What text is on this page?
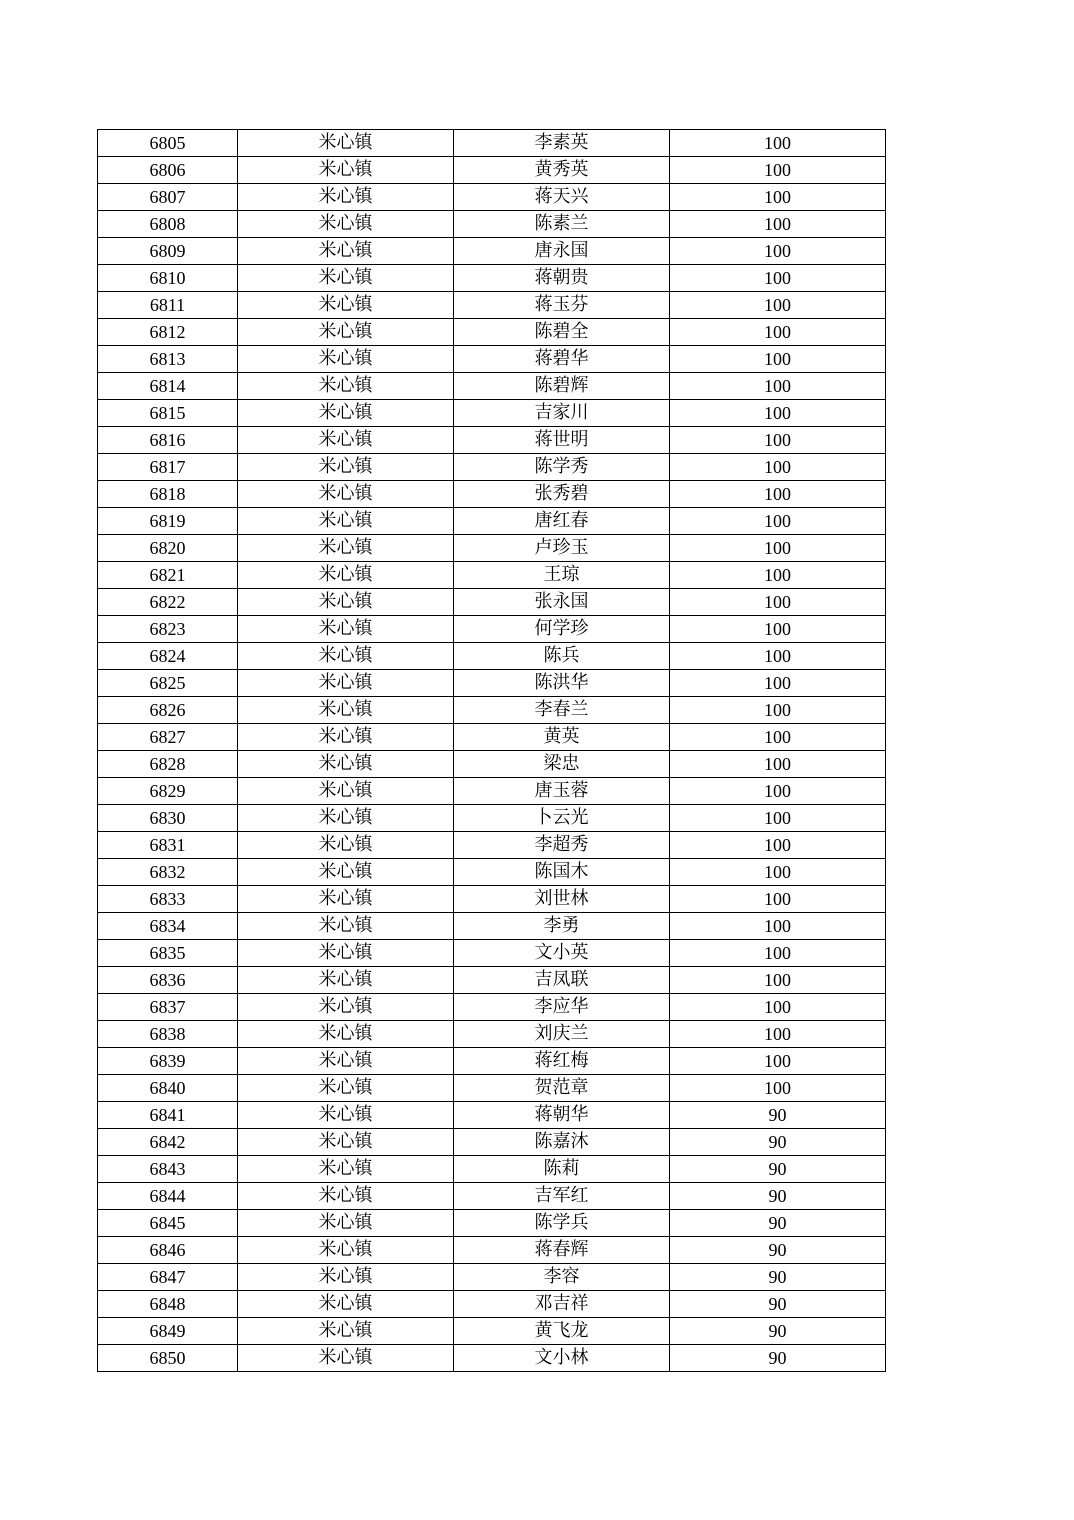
6805	米心镇	李素英	100
6806	米心镇	黄秀英	100
6807	米心镇	蒋天兴	100
6808	米心镇	陈素兰	100
6809	米心镇	唐永国	100
6810	米心镇	蒋朝贵	100
6811	米心镇	蒋玉芬	100
6812	米心镇	陈碧全	100
6813	米心镇	蒋碧华	100
6814	米心镇	陈碧辉	100
6815	米心镇	吉家川	100
6816	米心镇	蒋世明	100
6817	米心镇	陈学秀	100
6818	米心镇	张秀碧	100
6819	米心镇	唐红春	100
6820	米心镇	卢珍玉	100
6821	米心镇	王琼	100
6822	米心镇	张永国	100
6823	米心镇	何学珍	100
6824	米心镇	陈兵	100
6825	米心镇	陈洪华	100
6826	米心镇	李春兰	100
6827	米心镇	黄英	100
6828	米心镇	梁忠	100
6829	米心镇	唐玉蓉	100
6830	米心镇	卜云光	100
6831	米心镇	李超秀	100
6832	米心镇	陈国木	100
6833	米心镇	刘世林	100
6834	米心镇	李勇	100
6835	米心镇	文小英	100
6836	米心镇	吉凤联	100
6837	米心镇	李应华	100
6838	米心镇	刘庆兰	100
6839	米心镇	蒋红梅	100
6840	米心镇	贺范章	100
6841	米心镇	蒋朝华	90
6842	米心镇	陈嘉沐	90
6843	米心镇	陈莉	90
6844	米心镇	吉军红	90
6845	米心镇	陈学兵	90
6846	米心镇	蒋春辉	90
6847	米心镇	李容	90
6848	米心镇	邓吉祥	90
6849	米心镇	黄飞龙	90
6850	米心镇	文小林	90
